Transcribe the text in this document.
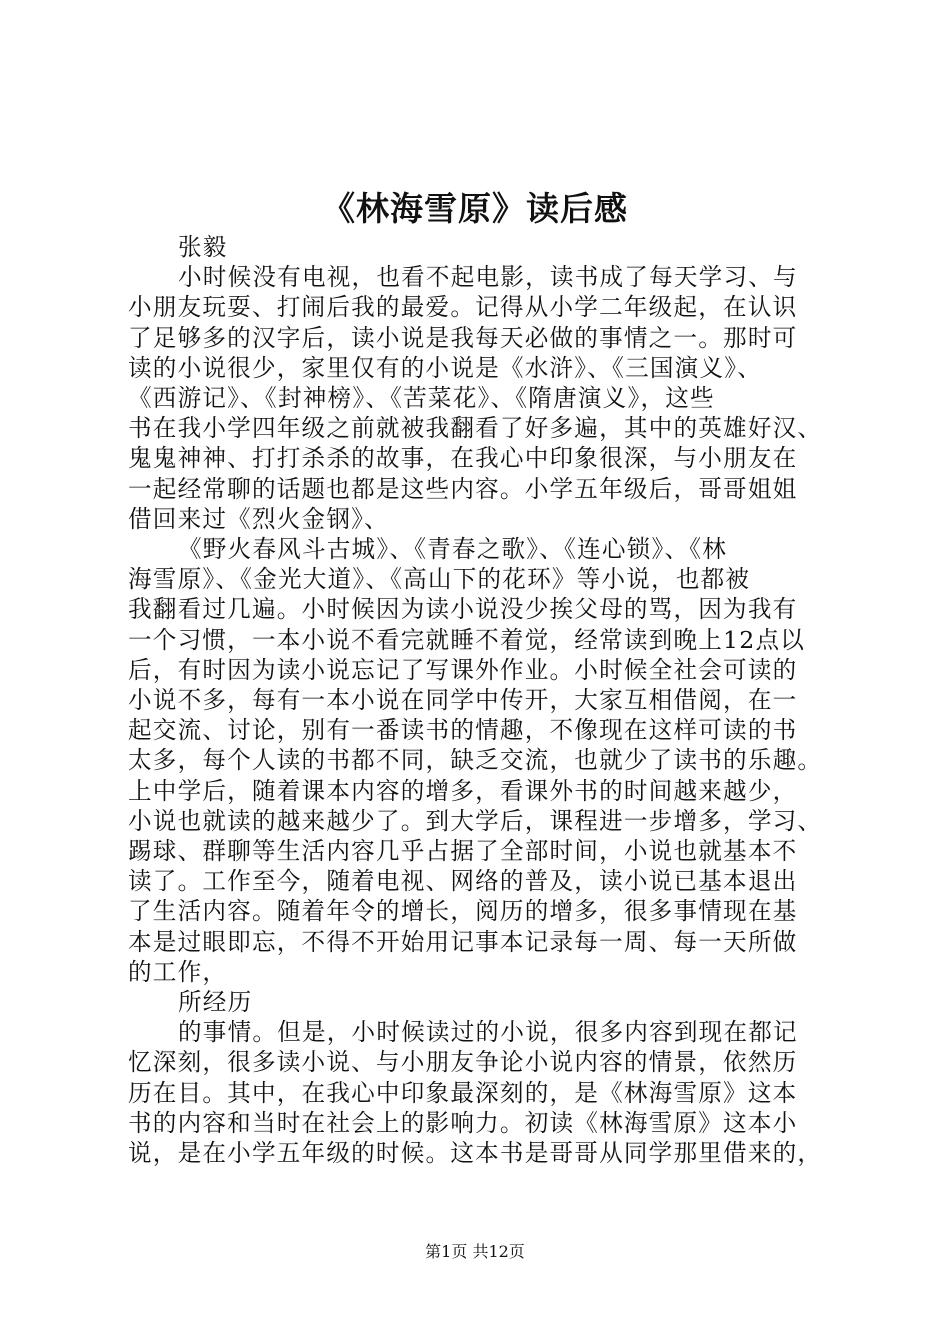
《林海雪原》读后感
张毅
小时候没有电视，也看不起电影，读书成了每天学习、与
小朋友玩耍、打闹后我的最爱。记得从小学二年级起，在认识
了足够多的汉字后，读小说是我每天必做的事情之一。那时可
读的小说很少，家里仅有的小说是《水浒》、《三国演义》、
《西游记》、《封神榜》、《苦菜花》、《隋唐演义》，这些
书在我小学四年级之前就被我翻看了好多遍，其中的英雄好汉、
鬼鬼神神、打打杀杀的故事，在我心中印象很深，与小朋友在
一起经常聊的话题也都是这些内容。小学五年级后，哥哥姐姐
借回来过《烈火金钢》、
《野火春风斗古城》、《青春之歌》、《连心锁》、《林
海雪原》、《金光大道》、《高山下的花环》等小说，也都被
我翻看过几遍。小时候因为读小说没少挨父母的骂，因为我有
一个习惯，一本小说不看完就睡不着觉，经常读到晚上12点以
后，有时因为读小说忘记了写课外作业。小时候全社会可读的
小说不多，每有一本小说在同学中传开，大家互相借阅，在一
起交流、讨论，别有一番读书的情趣，不像现在这样可读的书
太多，每个人读的书都不同，缺乏交流，也就少了读书的乐趣。
上中学后，随着课本内容的增多，看课外书的时间越来越少，
小说也就读的越来越少了。到大学后，课程进一步增多，学习、
踢球、群聊等生活内容几乎占据了全部时间，小说也就基本不
读了。工作至今，随着电视、网络的普及，读小说已基本退出
了生活内容。随着年令的增长，阅历的增多，很多事情现在基
本是过眼即忘，不得不开始用记事本记录每一周、每一天所做
的工作，
所经历
的事情。但是，小时候读过的小说，很多内容到现在都记
忆深刻，很多读小说、与小朋友争论小说内容的情景，依然历
历在目。其中，在我心中印象最深刻的，是《林海雪原》这本
书的内容和当时在社会上的影响力。初读《林海雪原》这本小
说，是在小学五年级的时候。这本书是哥哥从同学那里借来的，
第1页 共12页
